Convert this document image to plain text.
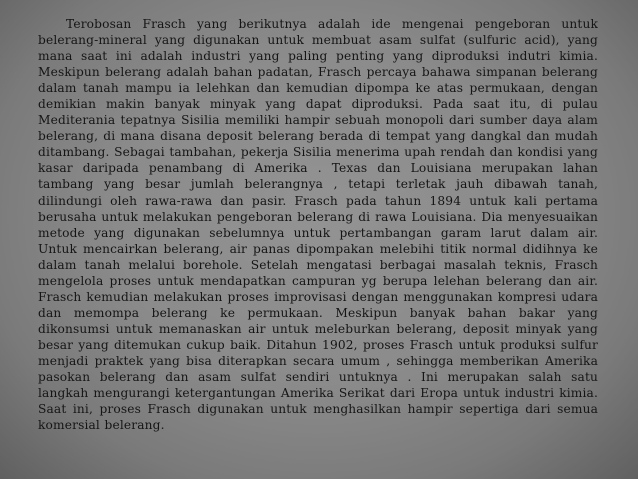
Terobosan Frasch yang berikutnya adalah ide mengenai pengeboran untuk belerang-mineral yang digunakan untuk membuat asam sulfat (sulfuric acid), yang mana saat ini adalah industri yang paling penting yang diproduksi indutri kimia. Meskipun belerang adalah bahan padatan, Frasch percaya bahawa simpanan belerang dalam tanah mampu ia lelehkan dan kemudian dipompa ke atas permukaan, dengan demikian makin banyak minyak yang dapat diproduksi. Pada saat itu, di pulau Mediterania tepatnya Sisilia memiliki hampir sebuah monopoli dari sumber daya alam belerang, di mana disana deposit belerang berada di tempat yang dangkal dan mudah ditambang. Sebagai tambahan, pekerja Sisilia menerima upah rendah dan kondisi yang kasar daripada penambang di Amerika . Texas dan Louisiana merupakan lahan tambang yang besar jumlah belerangnya , tetapi terletak jauh dibawah tanah, dilindungi oleh rawa-rawa dan pasir. Frasch pada tahun 1894 untuk kali pertama berusaha untuk melakukan pengeboran belerang di rawa Louisiana. Dia menyesuaikan metode yang digunakan sebelumnya untuk pertambangan garam larut dalam air. Untuk mencairkan belerang, air panas dipompakan melebihi titik normal didihnya ke dalam tanah melalui borehole. Setelah mengatasi berbagai masalah teknis, Frasch mengelola proses untuk mendapatkan campuran yg berupa lelehan belerang dan air. Frasch kemudian melakukan proses improvisasi dengan menggunakan kompresi udara dan memompa belerang ke permukaan. Meskipun banyak bahan bakar yang dikonsumsi untuk memanaskan air untuk meleburkan belerang, deposit minyak yang besar yang ditemukan cukup baik. Ditahun 1902, proses Frasch untuk produksi sulfur menjadi praktek yang bisa diterapkan secara umum , sehingga memberikan Amerika pasokan belerang dan asam sulfat sendiri untuknya . Ini merupakan salah satu langkah mengurangi ketergantungan Amerika Serikat dari Eropa untuk industri kimia. Saat ini, proses Frasch digunakan untuk menghasilkan hampir sepertiga dari semua komersial belerang.
